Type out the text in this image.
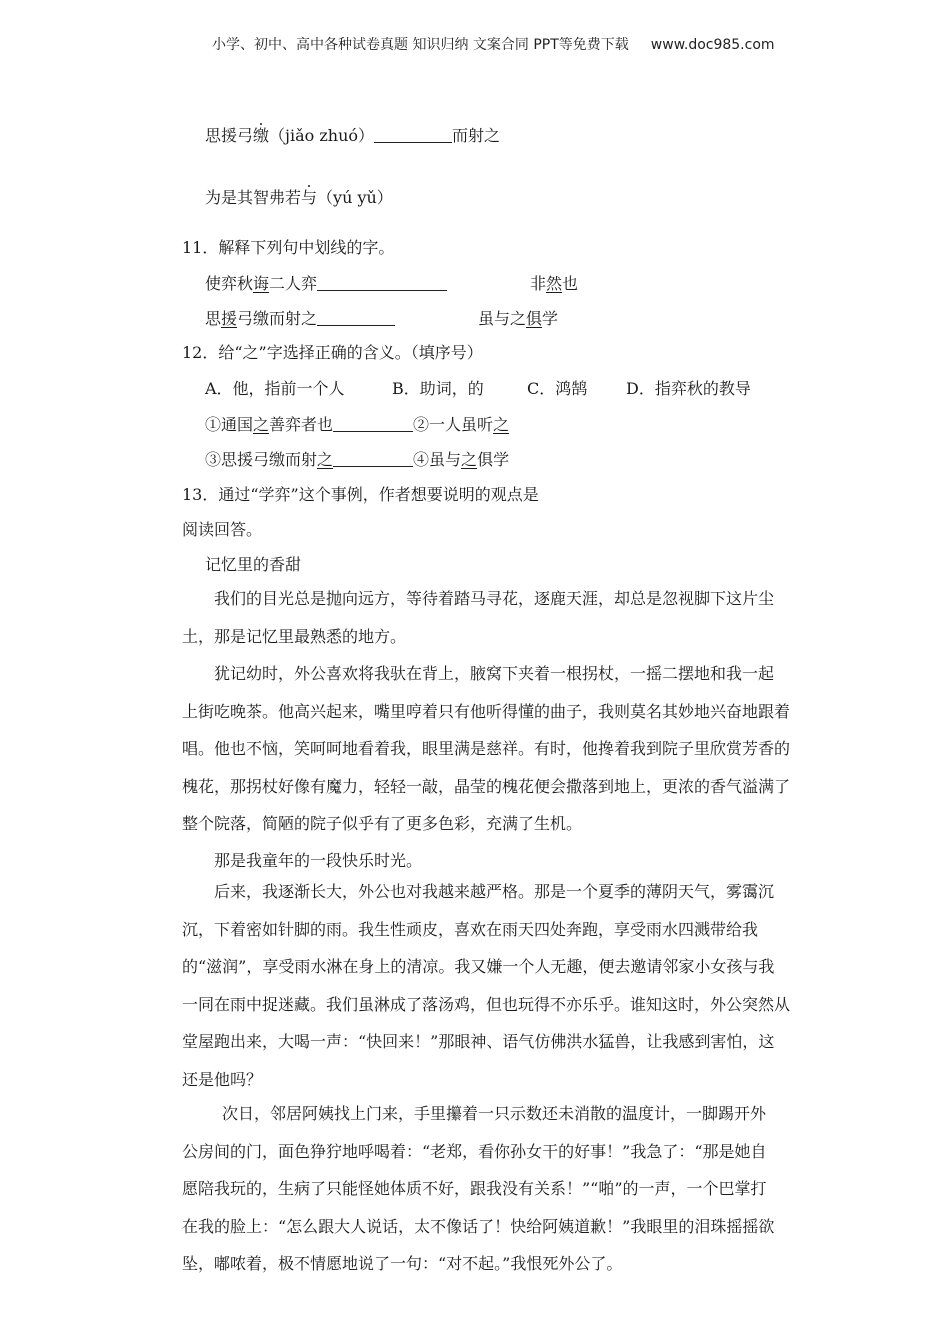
小学、初中、高中各种试卷真题 知识归纳 文案合同 PPT等免费下载 www.doc985.com
思援弓缴（jiǎo zhuó）	而射之
为是其智弗若与（yú yǔ）
11．解释下列句中划线的字。
使弈秋诲二人弈	非然也
思援弓缴而射之	虽与之俱学
12．给“之”字选择正确的含义。（填序号）
A．他，指前一个人	B．助词，的	C．鸿鹄 D．指弈秋的教导
①通国之善弈者也	②一人虽听之
③思援弓缴而射之	④虽与之俱学
13．通过“学弈”这个事例，作者想要说明的观点是
阅读回答。
记忆里的香甜
我们的目光总是抛向远方，等待着踏马寻花，逐鹿天涯，却总是忽视脚下这片尘
土，那是记忆里最熟悉的地方。
犹记幼时，外公喜欢将我驮在背上，腋窝下夹着一根拐杖，一摇二摆地和我一起
上街吃晚茶。他高兴起来，嘴里哼着只有他听得懂的曲子，我则莫名其妙地兴奋地跟着
唱。他也不恼，笑呵呵地看着我，眼里满是慈祥。有时，他搀着我到院子里欣赏芳香的
槐花，那拐杖好像有魔力，轻轻一敲，晶莹的槐花便会撒落到地上，更浓的香气溢满了
整个院落，简陋的院子似乎有了更多色彩，充满了生机。
那是我童年的一段快乐时光。
后来，我逐渐长大，外公也对我越来越严格。那是一个夏季的薄阴天气，雾霭沉
沉，下着密如针脚的雨。我生性顽皮，喜欢在雨天四处奔跑，享受雨水四溅带给我
的“滋润”，享受雨水淋在身上的清凉。我又嫌一个人无趣，便去邀请邻家小女孩与我
一同在雨中捉迷藏。我们虽淋成了落汤鸡，但也玩得不亦乐乎。谁知这时，外公突然从
堂屋跑出来，大喝一声：“快回来！”那眼神、语气仿佛洪水猛兽，让我感到害怕，这
还是他吗？
次日，邻居阿姨找上门来，手里攥着一只示数还未消散的温度计，一脚踢开外
公房间的门，面色狰狞地呼喝着：“老郑，看你孙女干的好事！”我急了：“那是她自
愿陪我玩的，生病了只能怪她体质不好，跟我没有关系！”“啪”的一声，一个巴掌打
在我的脸上：“怎么跟大人说话，太不像话了！快给阿姨道歉！”我眼里的泪珠摇摇欲
坠，嘟哝着，极不情愿地说了一句：“对不起。”我恨死外公了。
